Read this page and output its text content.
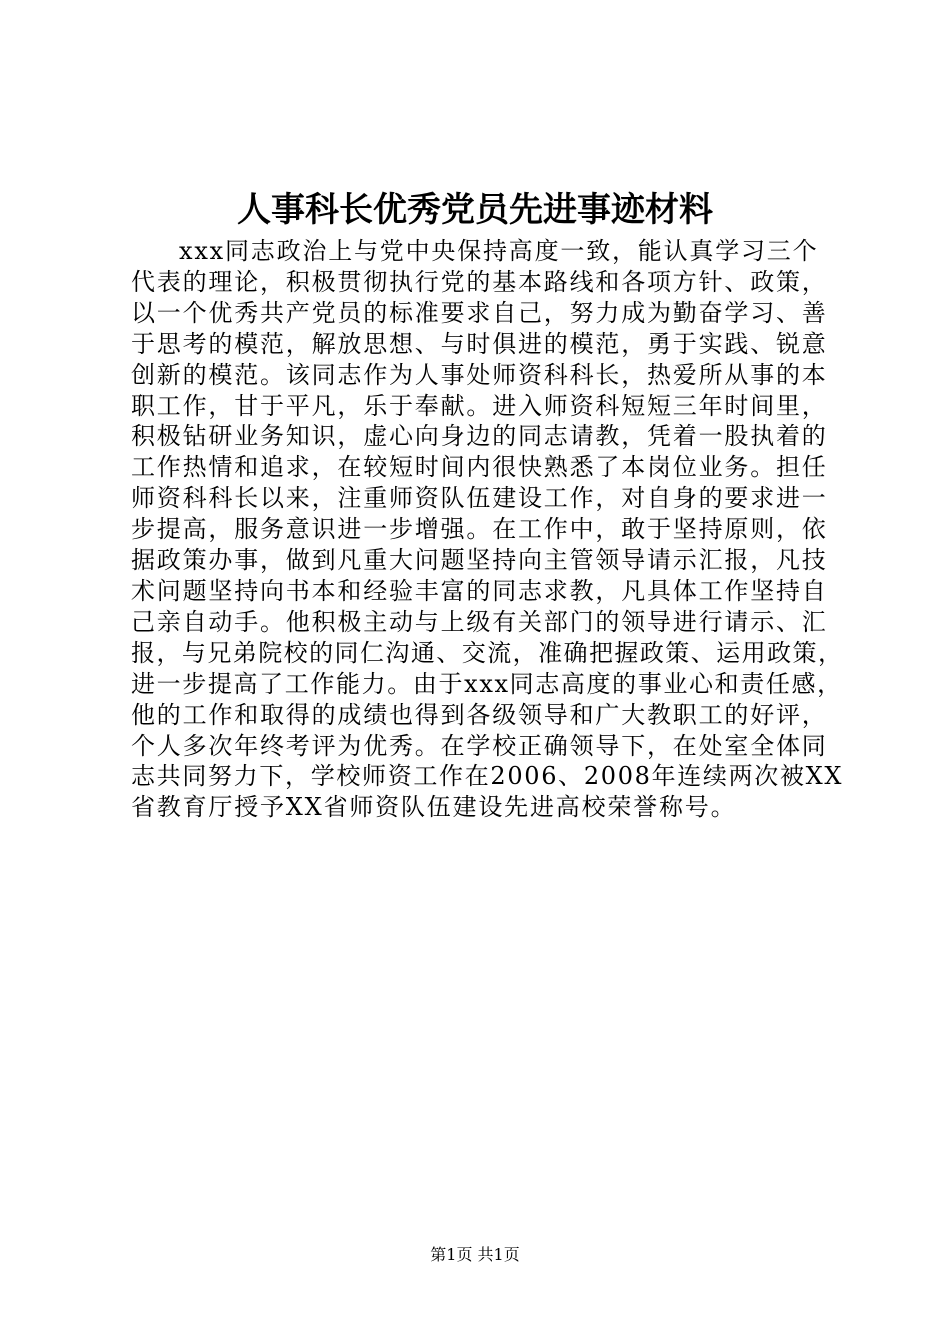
人事科长优秀党员先进事迹材料
xxx同志政治上与党中央保持高度一致，能认真学习三个
代表的理论，积极贯彻执行党的基本路线和各项方针、政策，
以一个优秀共产党员的标准要求自己，努力成为勤奋学习、善
于思考的模范，解放思想、与时俱进的模范，勇于实践、锐意
创新的模范。该同志作为人事处师资科科长，热爱所从事的本
职工作，甘于平凡，乐于奉献。进入师资科短短三年时间里，
积极钻研业务知识，虚心向身边的同志请教，凭着一股执着的
工作热情和追求，在较短时间内很快熟悉了本岗位业务。担任
师资科科长以来，注重师资队伍建设工作，对自身的要求进一
步提高，服务意识进一步增强。在工作中，敢于坚持原则，依
据政策办事，做到凡重大问题坚持向主管领导请示汇报，凡技
术问题坚持向书本和经验丰富的同志求教，凡具体工作坚持自
己亲自动手。他积极主动与上级有关部门的领导进行请示、汇
报，与兄弟院校的同仁沟通、交流，准确把握政策、运用政策，
进一步提高了工作能力。由于xxx同志高度的事业心和责任感，
他的工作和取得的成绩也得到各级领导和广大教职工的好评，
个人多次年终考评为优秀。在学校正确领导下，在处室全体同
志共同努力下，学校师资工作在2006、2008年连续两次被XX
省教育厅授予XX省师资队伍建设先进高校荣誉称号。
第1页 共1页
